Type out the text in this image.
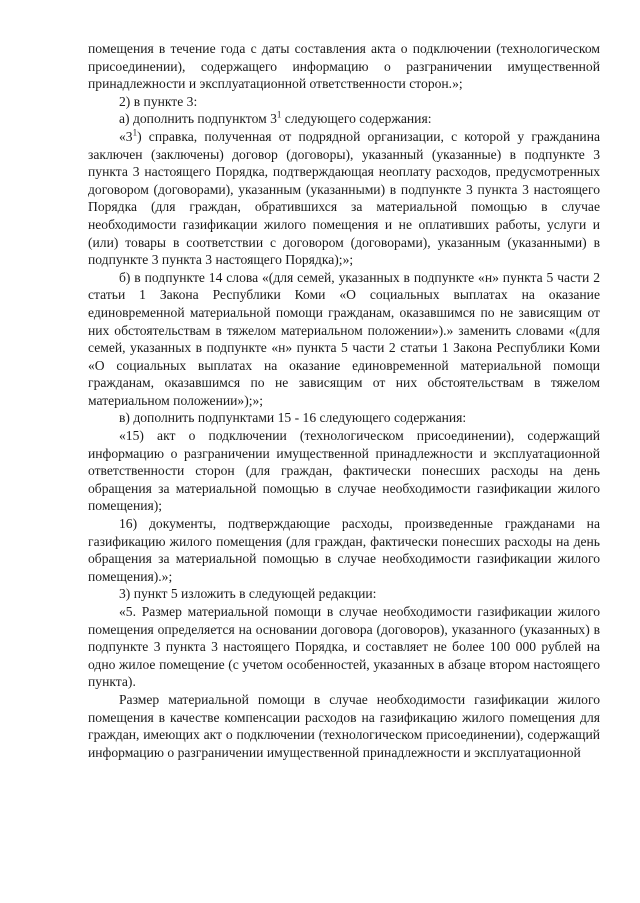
помещения в течение года с даты составления акта о подключении (технологическом присоединении), содержащего информацию о разграничении имущественной принадлежности и эксплуатационной ответственности сторон.»;

2) в пункте 3:

а) дополнить подпунктом $3^1$ следующего содержания:

«$3^1$) справка, полученная от подрядной организации, с которой у гражданина заключен (заключены) договор (договоры), указанный (указанные) в подпункте 3 пункта 3 настоящего Порядка, подтверждающая неоплату расходов, предусмотренных договором (договорами), указанным (указанными) в подпункте 3 пункта 3 настоящего Порядка (для граждан, обратившихся за материальной помощью в случае необходимости газификации жилого помещения и не оплативших работы, услуги и (или) товары в соответствии с договором (договорами), указанным (указанными) в подпункте 3 пункта 3 настоящего Порядка);»;

б) в подпункте 14 слова «(для семей, указанных в подпункте «н» пункта 5 части 2 статьи 1 Закона Республики Коми «О социальных выплатах на оказание единовременной материальной помощи гражданам, оказавшимся по не зависящим от них обстоятельствам в тяжелом материальном положении»).» заменить словами «(для семей, указанных в подпункте «н» пункта 5 части 2 статьи 1 Закона Республики Коми «О социальных выплатах на оказание единовременной материальной помощи гражданам, оказавшимся по не зависящим от них обстоятельствам в тяжелом материальном положении»);»;

в) дополнить подпунктами 15 - 16 следующего содержания:

«15) акт о подключении (технологическом присоединении), содержащий информацию о разграничении имущественной принадлежности и эксплуатационной ответственности сторон (для граждан, фактически понесших расходы на день обращения за материальной помощью в случае необходимости газификации жилого помещения);

16) документы, подтверждающие расходы, произведенные гражданами на газификацию жилого помещения (для граждан, фактически понесших расходы на день обращения за материальной помощью в случае необходимости газификации жилого помещения).»;

3) пункт 5 изложить в следующей редакции:

«5. Размер материальной помощи в случае необходимости газификации жилого помещения определяется на основании договора (договоров), указанного (указанных) в подпункте 3 пункта 3 настоящего Порядка, и составляет не более 100 000 рублей на одно жилое помещение (с учетом особенностей, указанных в абзаце втором настоящего пункта).

Размер материальной помощи в случае необходимости газификации жилого помещения в качестве компенсации расходов на газификацию жилого помещения для граждан, имеющих акт о подключении (технологическом присоединении), содержащий информацию о разграничении имущественной принадлежности и эксплуатационной
